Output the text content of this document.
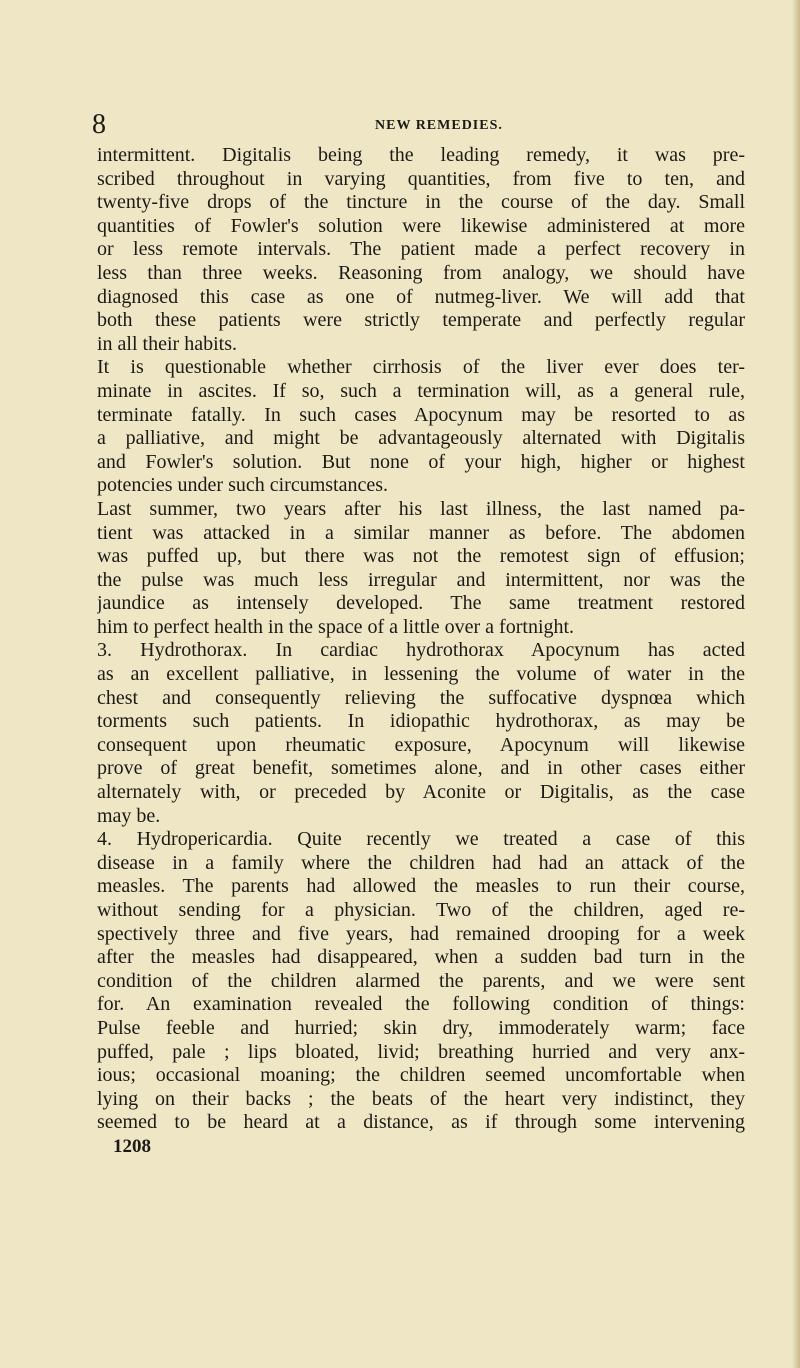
8	NEW REMEDIES.
intermittent. Digitalis being the leading remedy, it was pre-
scribed throughout in varying quantities, from five to ten, and
twenty-five drops of the tincture in the course of the day. Small
quantities of Fowler's solution were likewise administered at more
or less remote intervals. The patient made a perfect recovery in
less than three weeks. Reasoning from analogy, we should have
diagnosed this case as one of nutmeg-liver. We will add that
both these patients were strictly temperate and perfectly regular
in all their habits.
It is questionable whether cirrhosis of the liver ever does ter-
minate in ascites. If so, such a termination will, as a general rule,
terminate fatally. In such cases Apocynum may be resorted to as
a palliative, and might be advantageously alternated with Digitalis
and Fowler's solution. But none of your high, higher or highest
potencies under such circumstances.
Last summer, two years after his last illness, the last named pa-
tient was attacked in a similar manner as before. The abdomen
was puffed up, but there was not the remotest sign of effusion;
the pulse was much less irregular and intermittent, nor was the
jaundice as intensely developed. The same treatment restored
him to perfect health in the space of a little over a fortnight.
3. Hydrothorax. In cardiac hydrothorax Apocynum has acted
as an excellent palliative, in lessening the volume of water in the
chest and consequently relieving the suffocative dyspnœa which
torments such patients. In idiopathic hydrothorax, as may be
consequent upon rheumatic exposure, Apocynum will likewise
prove of great benefit, sometimes alone, and in other cases either
alternately with, or preceded by Aconite or Digitalis, as the case
may be.
4. Hydropericardia. Quite recently we treated a case of this
disease in a family where the children had had an attack of the
measles. The parents had allowed the measles to run their course,
without sending for a physician. Two of the children, aged re-
spectively three and five years, had remained drooping for a week
after the measles had disappeared, when a sudden bad turn in the
condition of the children alarmed the parents, and we were sent
for. An examination revealed the following condition of things:
Pulse feeble and hurried; skin dry, immoderately warm; face
puffed, pale ; lips bloated, livid; breathing hurried and very anx-
ious; occasional moaning; the children seemed uncomfortable when
lying on their backs ; the beats of the heart very indistinct, they
seemed to be heard at a distance, as if through some intervening
1208
